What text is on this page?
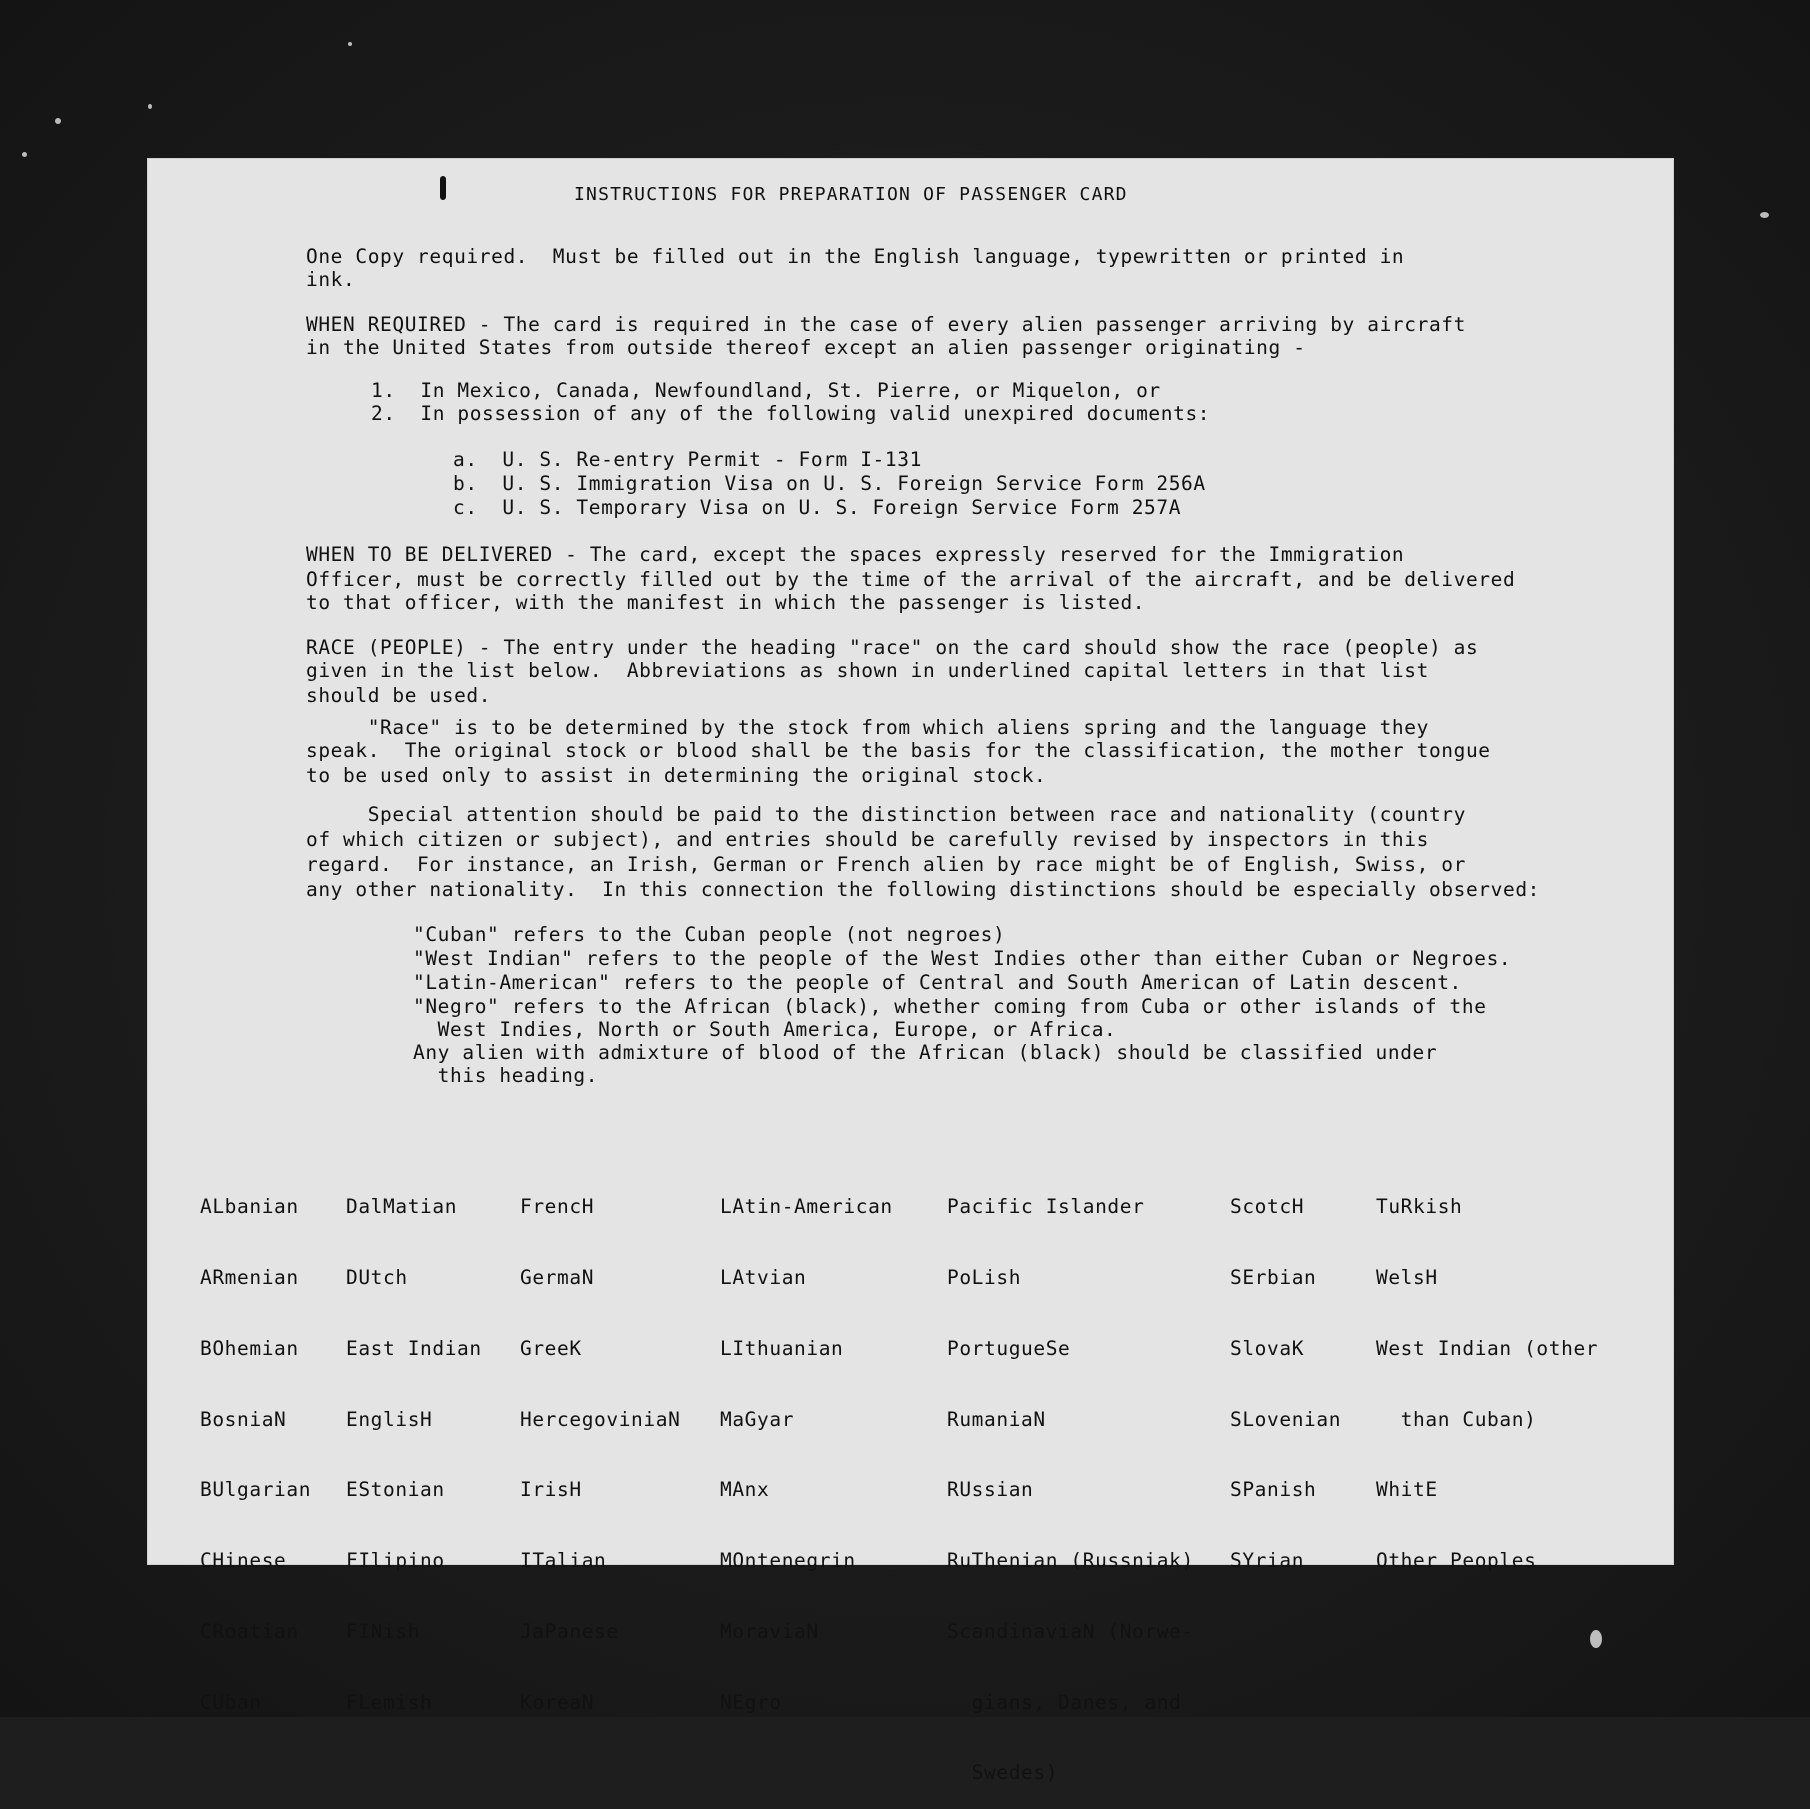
INSTRUCTIONS FOR PREPARATION OF PASSENGER CARD
One Copy required.  Must be filled out in the English language, typewritten or printed in
ink.
WHEN REQUIRED - The card is required in the case of every alien passenger arriving by aircraft
in the United States from outside thereof except an alien passenger originating -
1.  In Mexico, Canada, Newfoundland, St. Pierre, or Miquelon, or
2.  In possession of any of the following valid unexpired documents:
a.  U. S. Re-entry Permit - Form I-131
b.  U. S. Immigration Visa on U. S. Foreign Service Form 256A
c.  U. S. Temporary Visa on U. S. Foreign Service Form 257A
WHEN TO BE DELIVERED - The card, except the spaces expressly reserved for the Immigration
Officer, must be correctly filled out by the time of the arrival of the aircraft, and be delivered
to that officer, with the manifest in which the passenger is listed.
RACE (PEOPLE) - The entry under the heading "race" on the card should show the race (people) as
given in the list below.  Abbreviations as shown in underlined capital letters in that list
should be used.
"Race" is to be determined by the stock from which aliens spring and the language they
speak.  The original stock or blood shall be the basis for the classification, the mother tongue
to be used only to assist in determining the original stock.
Special attention should be paid to the distinction between race and nationality (country
of which citizen or subject), and entries should be carefully revised by inspectors in this
regard.  For instance, an Irish, German or French alien by race might be of English, Swiss, or
any other nationality.  In this connection the following distinctions should be especially observed:
"Cuban" refers to the Cuban people (not negroes)
"West Indian" refers to the people of the West Indies other than either Cuban or Negroes.
"Latin-American" refers to the people of Central and South American of Latin descent.
"Negro" refers to the African (black), whether coming from Cuba or other islands of the
West Indies, North or South America, Europe, or Africa.
Any alien with admixture of blood of the African (black) should be classified under
this heading.

ALbanian

ARmenian

BOhemian

BosniaN

BUlgarian

CHinese

CRoatian

CUban

DalMatian

DUtch

East Indian

EnglisH

EStonian

FIlipino

FINish

FLemish

FrencH

GermaN

GreeK

HercegoviniaN

IrisH

ITalian

JaPanese

KoreaN

LAtin-American

LAtvian

LIthuanian

MaGyar

MAnx

MOntenegrin

MoraviaN

NEgro

Pacific Islander

PoLish

PortugueSe

RumaniaN

RUssian

RuThenian (Russniak)

ScandinaviaN (Norwe-

gians, Danes, and

Swedes)

ScotcH

SErbian

SlovaK

SLovenian

SPanish

SYrian

TuRkish

WelsH

West Indian (other

than Cuban)

WhitE

Other Peoples
